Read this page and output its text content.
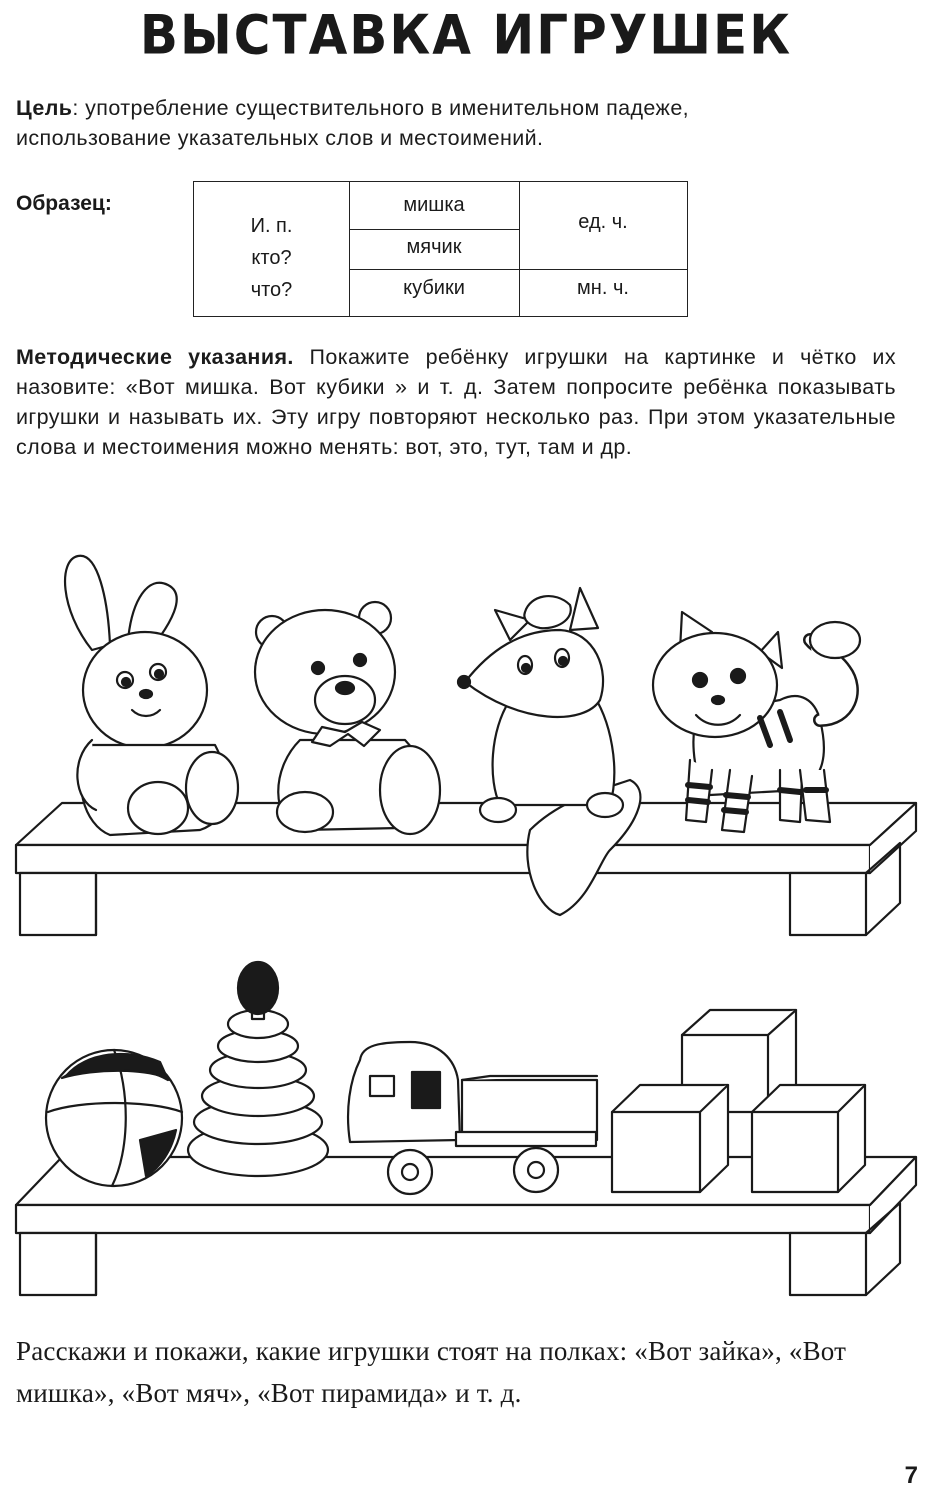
ВЫСТАВКА ИГРУШЕК
Цель: употребление существительного в именительном падеже, использование указательных слов и местоимений.
Образец:
И. п.
кто?
что?
мишка
мячик
кубики
ед. ч.
мн. ч.
Методические указания. Покажите ребёнку игрушки на картинке и чётко их назовите: «Вот мишка. Вот кубики » и т. д. Затем попросите ребёнка показывать игрушки и называть их. Эту игру повторяют несколько раз. При этом указательные слова и местоимения можно менять: вот, это, тут, там и др.
Расскажи и покажи, какие игрушки стоят на полках: «Вот зайка», «Вот мишка», «Вот мяч», «Вот пирамида» и т. д.
7
